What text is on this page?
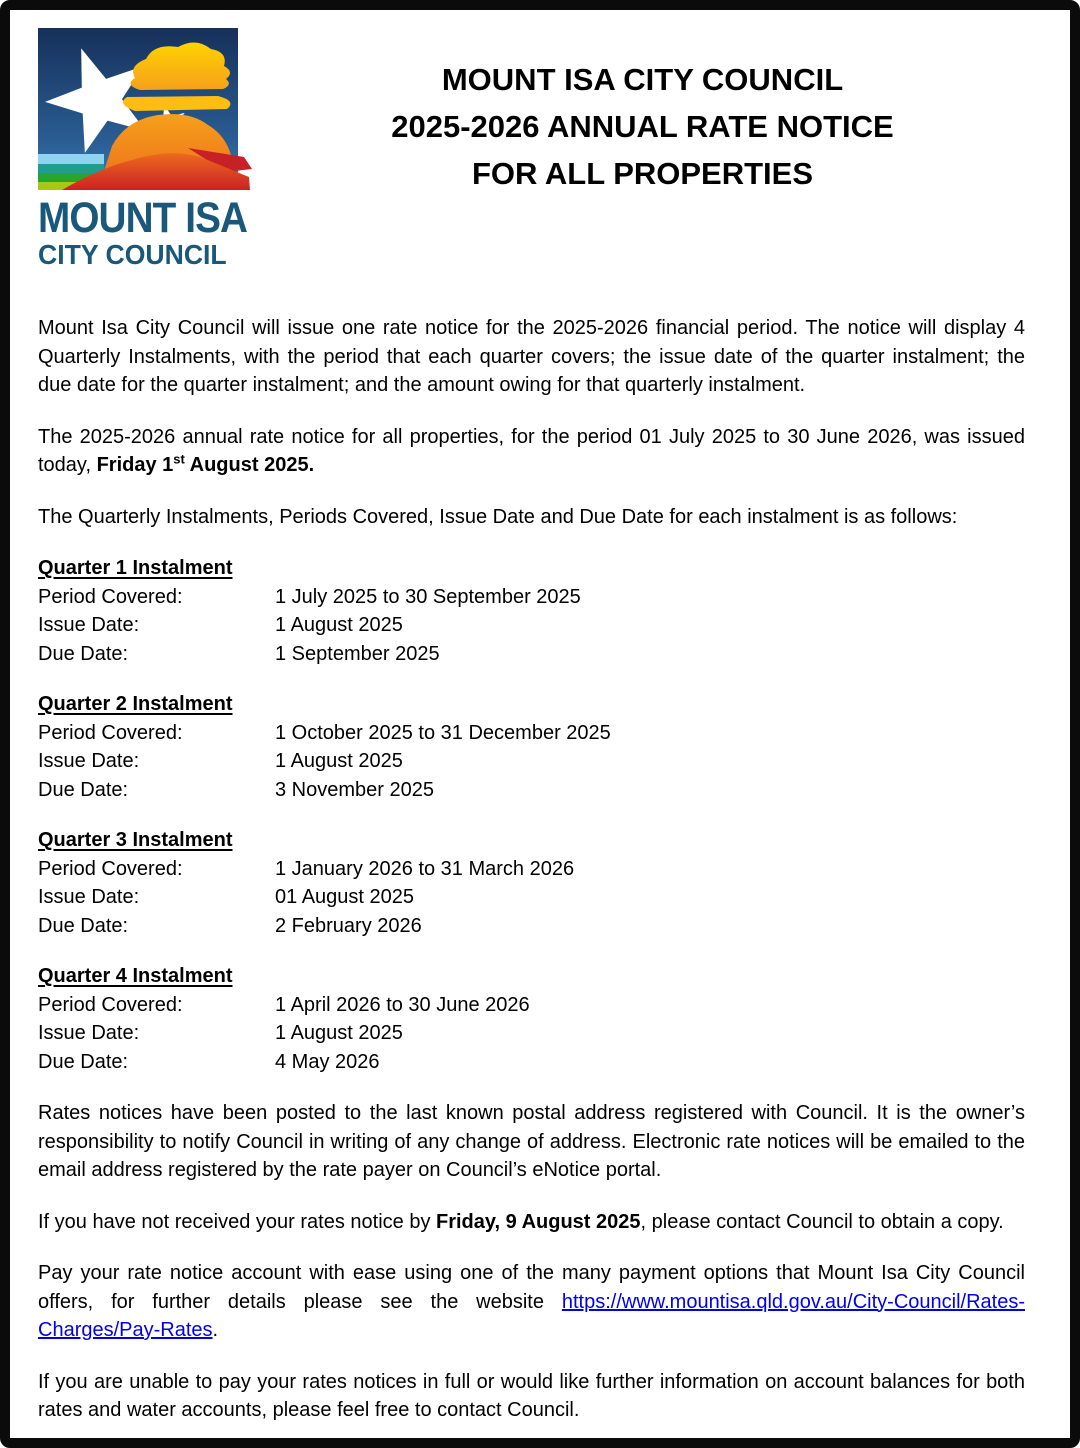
MOUNT ISA
CITY COUNCIL
MOUNT ISA CITY COUNCIL
2025-2026 ANNUAL RATE NOTICE
FOR ALL PROPERTIES

Mount Isa City Council will issue one rate notice for the 2025-2026 financial period. The notice will display 4 Quarterly Instalments, with the period that each quarter covers; the issue date of the quarter instalment; the due date for the quarter instalment; and the amount owing for that quarterly instalment.

The 2025-2026 annual rate notice for all properties, for the period 01 July 2025 to 30 June 2026, was issued today, Friday 1st August 2025.

The Quarterly Instalments, Periods Covered, Issue Date and Due Date for each instalment is as follows:

Quarter 1 Instalment
Period Covered:	1 July 2025 to 30 September 2025
Issue Date:	1 August 2025
Due Date:	1 September 2025
Quarter 2 Instalment
Period Covered:	1 October 2025 to 31 December 2025
Issue Date:	1 August 2025
Due Date:	3 November 2025
Quarter 3 Instalment
Period Covered:	1 January 2026 to 31 March 2026
Issue Date:	01 August 2025
Due Date:	2 February 2026
Quarter 4 Instalment
Period Covered:	1 April 2026 to 30 June 2026
Issue Date:	1 August 2025
Due Date:	4 May 2026

Rates notices have been posted to the last known postal address registered with Council. It is the owner’s responsibility to notify Council in writing of any change of address. Electronic rate notices will be emailed to the email address registered by the rate payer on Council’s eNotice portal.

If you have not received your rates notice by Friday, 9 August 2025, please contact Council to obtain a copy.

Pay your rate notice account with ease using one of the many payment options that Mount Isa City Council offers, for further details please see the website https://www.mountisa.qld.gov.au/City-Council/Rates-Charges/Pay-Rates.

If you are unable to pay your rates notices in full or would like further information on account balances for both rates and water accounts, please feel free to contact Council.
